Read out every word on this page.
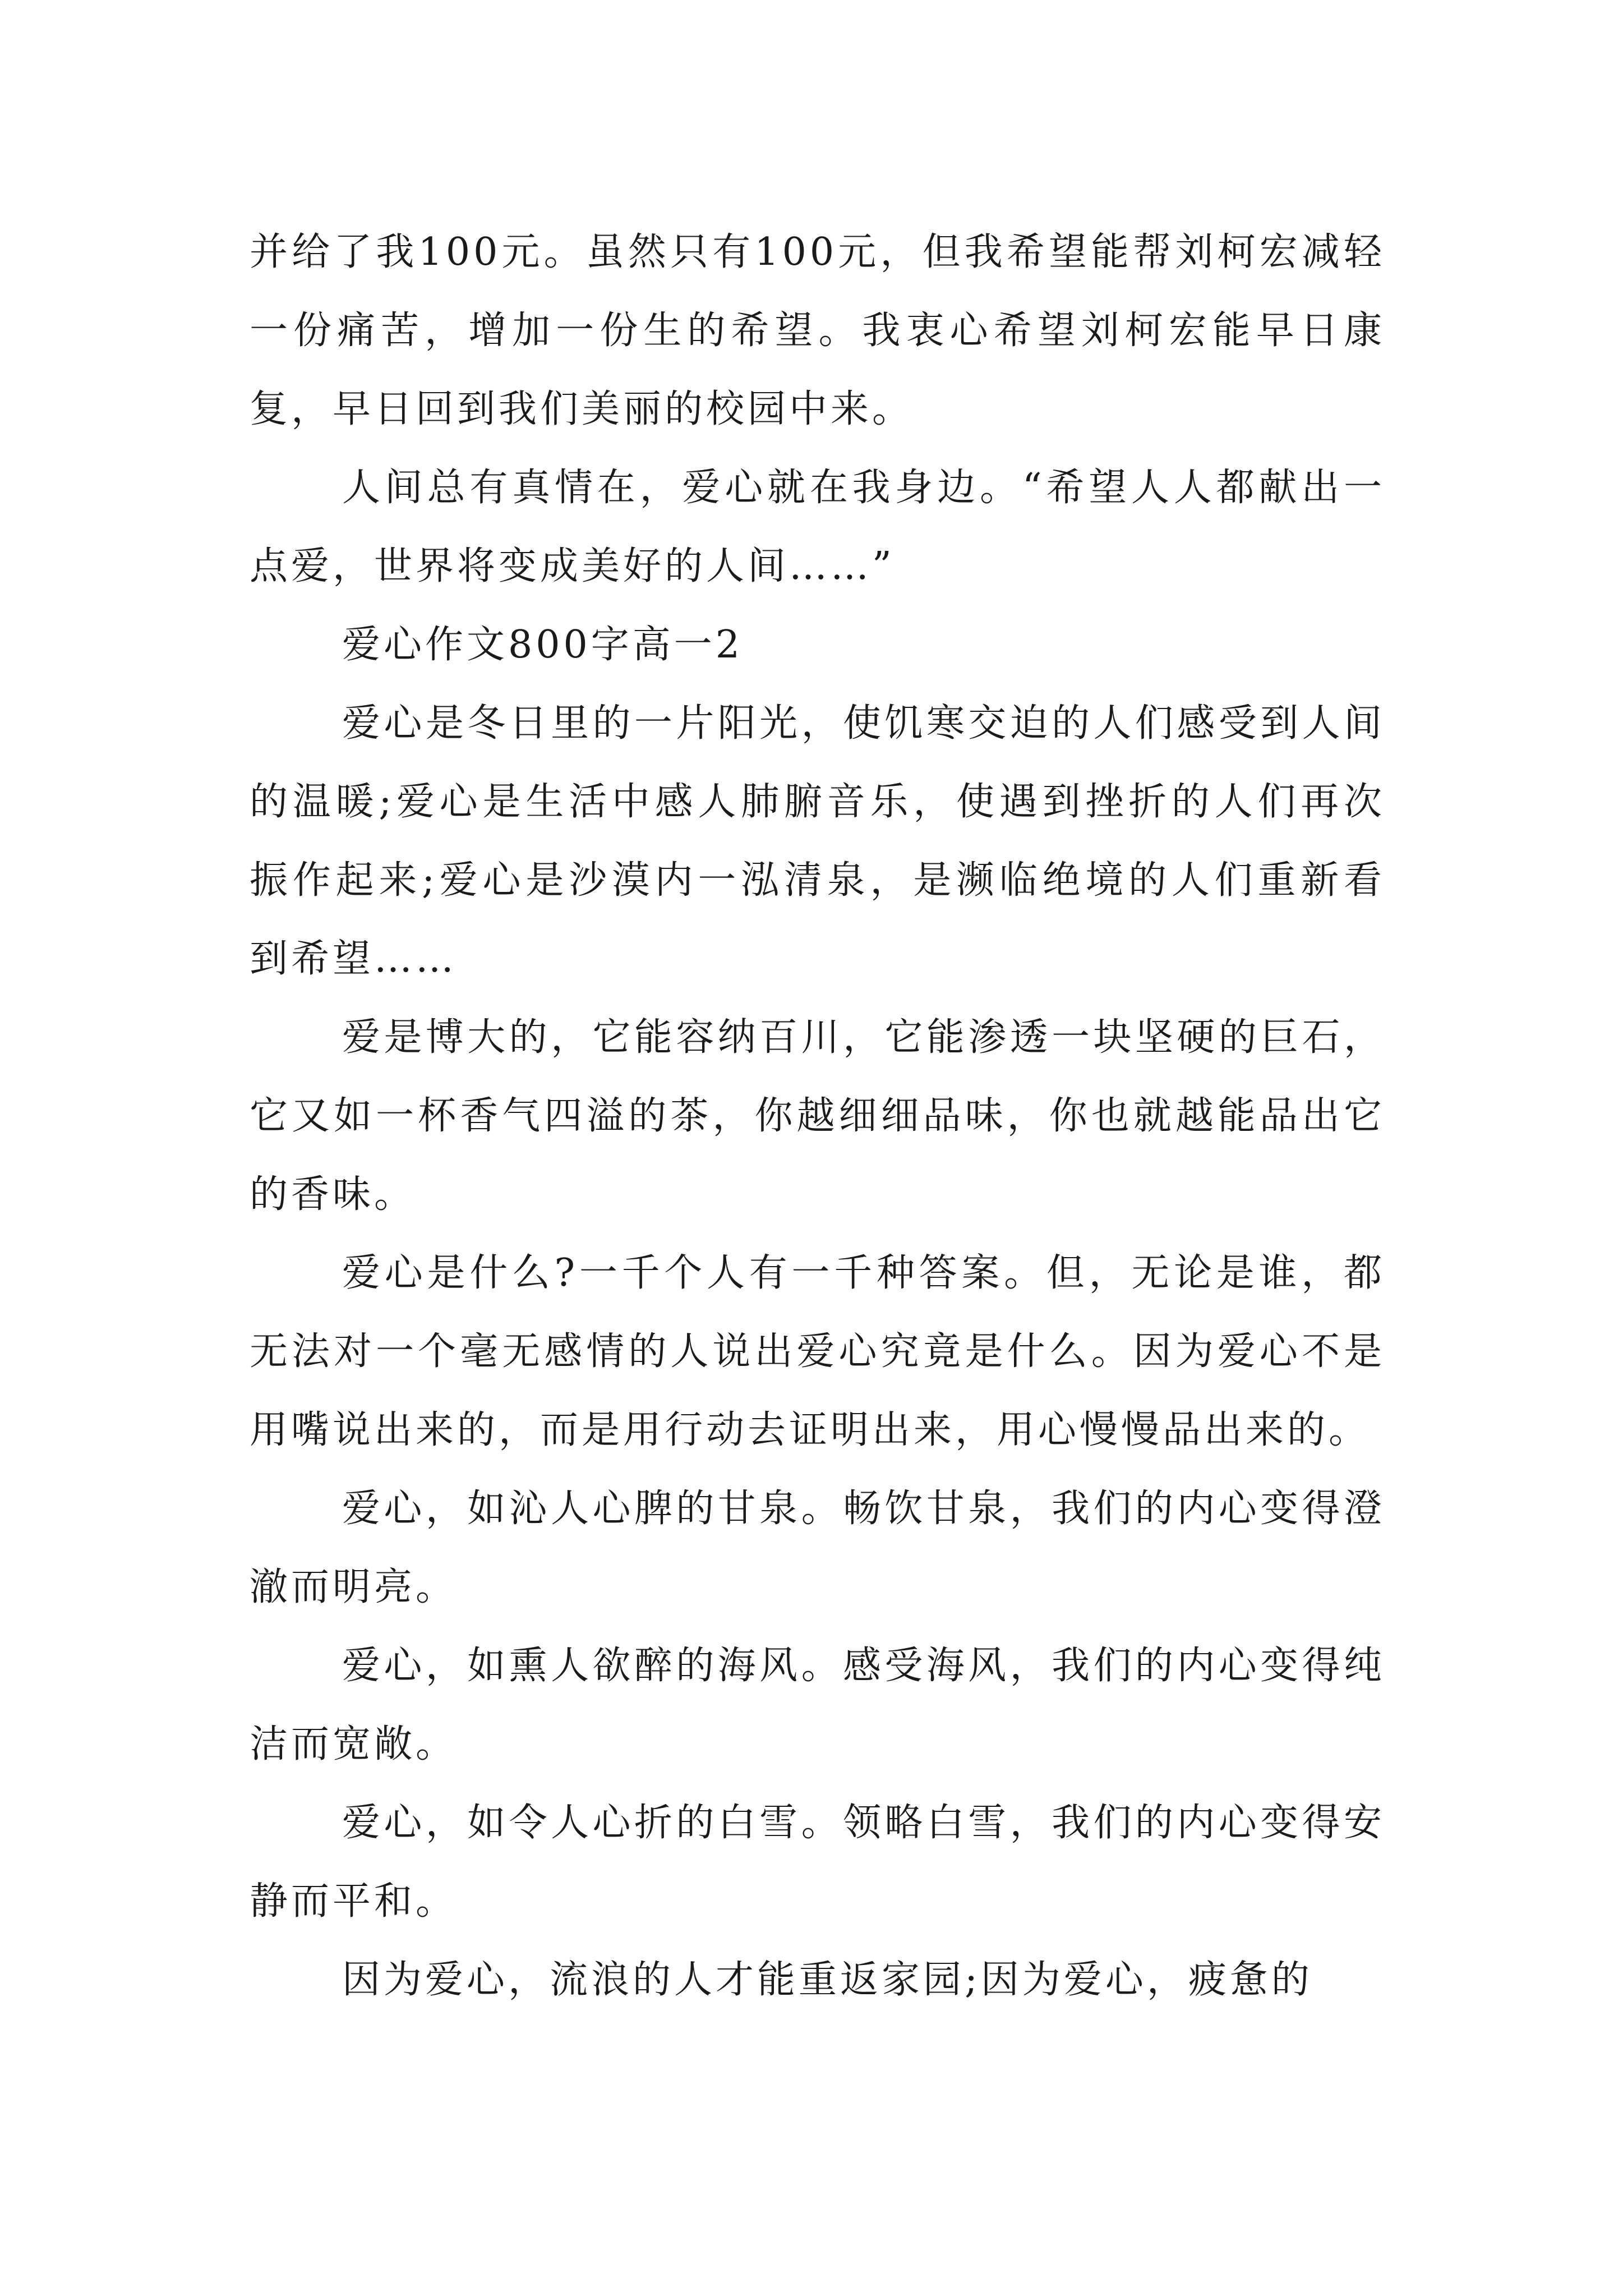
并给了我100元。虽然只有100元，但我希望能帮刘柯宏减轻一份痛苦，增加一份生的希望。我衷心希望刘柯宏能早日康复，早日回到我们美丽的校园中来。

人间总有真情在，爱心就在我身边。“希望人人都献出一点爱，世界将变成美好的人间……”

爱心作文800字高一2

爱心是冬日里的一片阳光，使饥寒交迫的人们感受到人间的温暖;爱心是生活中感人肺腑音乐，使遇到挫折的人们再次振作起来;爱心是沙漠内一泓清泉，是濒临绝境的人们重新看到希望……

爱是博大的，它能容纳百川，它能渗透一块坚硬的巨石，它又如一杯香气四溢的茶，你越细细品味，你也就越能品出它的香味。

爱心是什么?一千个人有一千种答案。但，无论是谁，都无法对一个毫无感情的人说出爱心究竟是什么。因为爱心不是用嘴说出来的，而是用行动去证明出来，用心慢慢品出来的。

爱心，如沁人心脾的甘泉。畅饮甘泉，我们的内心变得澄澈而明亮。

爱心，如熏人欲醉的海风。感受海风，我们的内心变得纯洁而宽敞。

爱心，如令人心折的白雪。领略白雪，我们的内心变得安静而平和。

因为爱心，流浪的人才能重返家园;因为爱心，疲惫的
